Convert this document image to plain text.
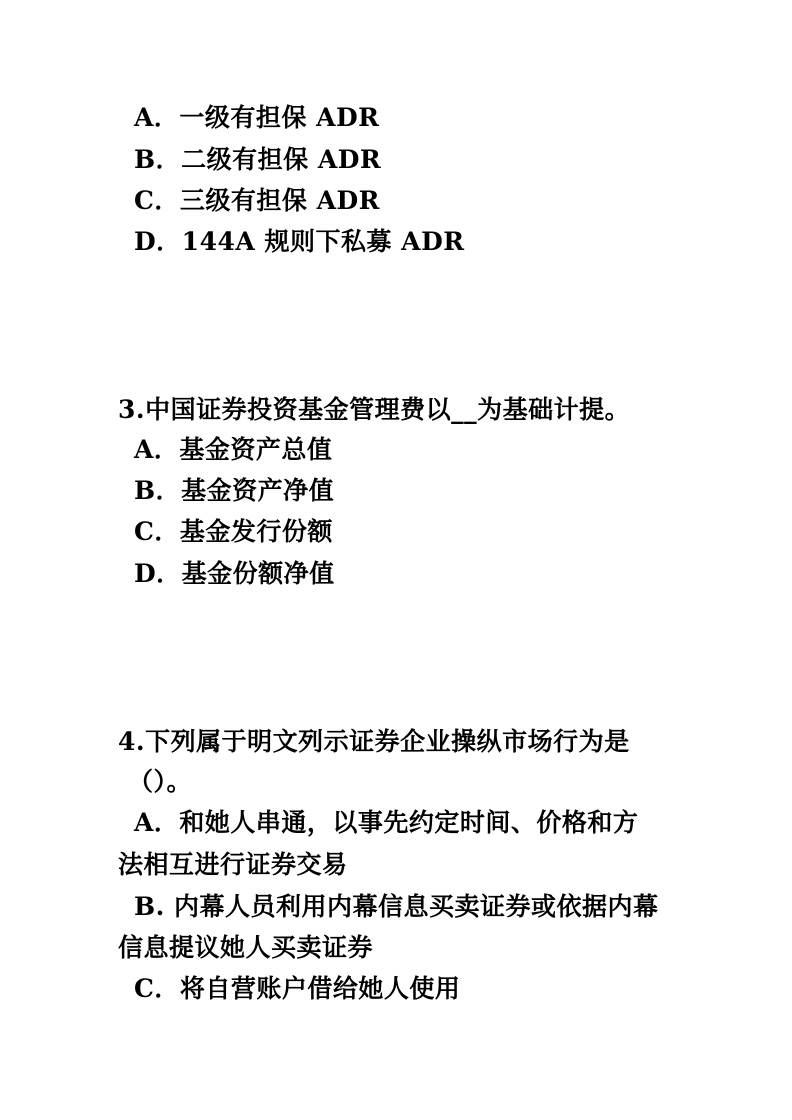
A．一级有担保 ADR
B．二级有担保 ADR
C．三级有担保 ADR
D．144A 规则下私募 ADR
3.中国证券投资基金管理费以__为基础计提。
A．基金资产总值
B．基金资产净值
C．基金发行份额
D．基金份额净值
4.下列属于明文列示证券企业操纵市场行为是
（）。
A．和她人串通，以事先约定时间、价格和方
法相互进行证券交易
B. 内幕人员利用内幕信息买卖证券或依据内幕
信息提议她人买卖证券
C．将自营账户借给她人使用
